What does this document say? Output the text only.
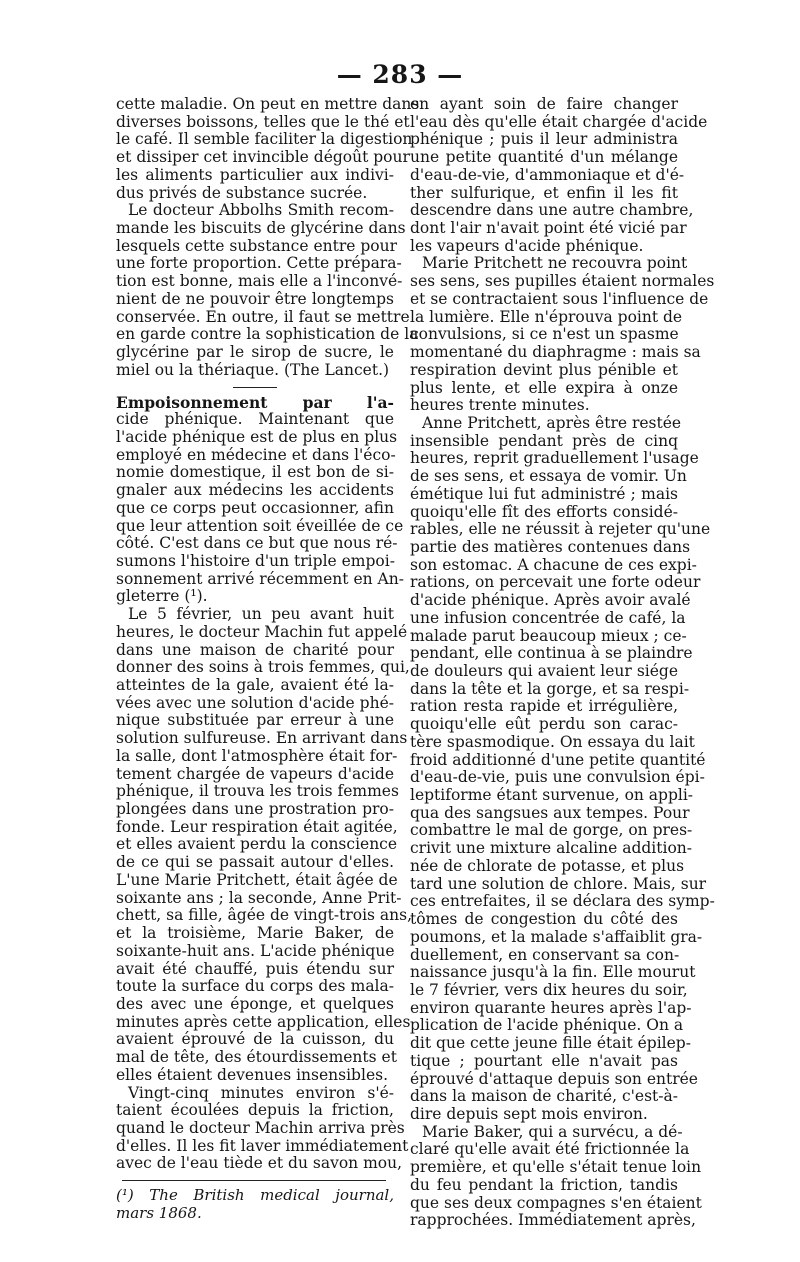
— 283 —

cette maladie. On peut en mettre dans
diverses boissons, telles que le thé et
le café. Il semble faciliter la digestion
et dissiper cet invincible dégoût pour
les aliments particulier aux indivi-
dus privés de substance sucrée.
Le docteur Abbolhs Smith recom-
mande les biscuits de glycérine dans
lesquels cette substance entre pour
une forte proportion. Cette prépara-
tion est bonne, mais elle a l'inconvé-
nient de ne pouvoir être longtemps
conservée. En outre, il faut se mettre
en garde contre la sophistication de la
glycérine par le sirop de sucre, le
miel ou la thériaque. (The Lancet.)
Empoisonnement par l'a-
cide phénique. Maintenant que
l'acide phénique est de plus en plus
employé en médecine et dans l'éco-
nomie domestique, il est bon de si-
gnaler aux médecins les accidents
que ce corps peut occasionner, afin
que leur attention soit éveillée de ce
côté. C'est dans ce but que nous ré-
sumons l'histoire d'un triple empoi-
sonnement arrivé récemment en An-
gleterre (¹).
Le 5 février, un peu avant huit
heures, le docteur Machin fut appelé
dans une maison de charité pour
donner des soins à trois femmes, qui,
atteintes de la gale, avaient été la-
vées avec une solution d'acide phé-
nique substituée par erreur à une
solution sulfureuse. En arrivant dans
la salle, dont l'atmosphère était for-
tement chargée de vapeurs d'acide
phénique, il trouva les trois femmes
plongées dans une prostration pro-
fonde. Leur respiration était agitée,
et elles avaient perdu la conscience
de ce qui se passait autour d'elles.
L'une Marie Pritchett, était âgée de
soixante ans ; la seconde, Anne Prit-
chett, sa fille, âgée de vingt-trois ans,
et la troisième, Marie Baker, de
soixante-huit ans. L'acide phénique
avait été chauffé, puis étendu sur
toute la surface du corps des mala-
des avec une éponge, et quelques
minutes après cette application, elles
avaient éprouvé de la cuisson, du
mal de tête, des étourdissements et
elles étaient devenues insensibles.
Vingt-cinq minutes environ s'é-
taient écoulées depuis la friction,
quand le docteur Machin arriva près
d'elles. Il les fit laver immédiatement
avec de l'eau tiède et du savon mou,
(¹) The British medical journal,
mars 1868.
en ayant soin de faire changer
l'eau dès qu'elle était chargée d'acide
phénique ; puis il leur administra
une petite quantité d'un mélange
d'eau-de-vie, d'ammoniaque et d'é-
ther sulfurique, et enfin il les fit
descendre dans une autre chambre,
dont l'air n'avait point été vicié par
les vapeurs d'acide phénique.
Marie Pritchett ne recouvra point
ses sens, ses pupilles étaient normales
et se contractaient sous l'influence de
la lumière. Elle n'éprouva point de
convulsions, si ce n'est un spasme
momentané du diaphragme : mais sa
respiration devint plus pénible et
plus lente, et elle expira à onze
heures trente minutes.
Anne Pritchett, après être restée
insensible pendant près de cinq
heures, reprit graduellement l'usage
de ses sens, et essaya de vomir. Un
émétique lui fut administré ; mais
quoiqu'elle fît des efforts considé-
rables, elle ne réussit à rejeter qu'une
partie des matières contenues dans
son estomac. A chacune de ces expi-
rations, on percevait une forte odeur
d'acide phénique. Après avoir avalé
une infusion concentrée de café, la
malade parut beaucoup mieux ; ce-
pendant, elle continua à se plaindre
de douleurs qui avaient leur siége
dans la tête et la gorge, et sa respi-
ration resta rapide et irrégulière,
quoiqu'elle eût perdu son carac-
tère spasmodique. On essaya du lait
froid additionné d'une petite quantité
d'eau-de-vie, puis une convulsion épi-
leptiforme étant survenue, on appli-
qua des sangsues aux tempes. Pour
combattre le mal de gorge, on pres-
crivit une mixture alcaline addition-
née de chlorate de potasse, et plus
tard une solution de chlore. Mais, sur
ces entrefaites, il se déclara des symp-
tômes de congestion du côté des
poumons, et la malade s'affaiblit gra-
duellement, en conservant sa con-
naissance jusqu'à la fin. Elle mourut
le 7 février, vers dix heures du soir,
environ quarante heures après l'ap-
plication de l'acide phénique. On a
dit que cette jeune fille était épilep-
tique ; pourtant elle n'avait pas
éprouvé d'attaque depuis son entrée
dans la maison de charité, c'est-à-
dire depuis sept mois environ.
Marie Baker, qui a survécu, a dé-
claré qu'elle avait été frictionnée la
première, et qu'elle s'était tenue loin
du feu pendant la friction, tandis
que ses deux compagnes s'en étaient
rapprochées. Immédiatement après,
